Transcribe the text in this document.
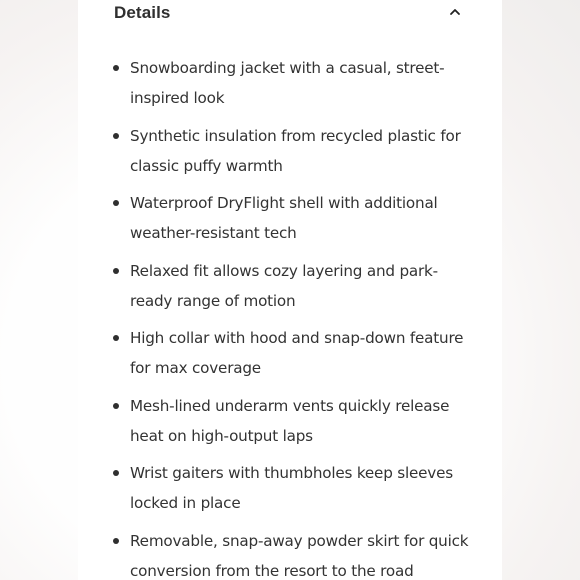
Details
Snowboarding jacket with a casual, street-inspired look
Synthetic insulation from recycled plastic for classic puffy warmth
Waterproof DryFlight shell with additional weather-resistant tech
Relaxed fit allows cozy layering and park-ready range of motion
High collar with hood and snap-down feature for max coverage
Mesh-lined underarm vents quickly release heat on high-output laps
Wrist gaiters with thumbholes keep sleeves locked in place
Removable, snap-away powder skirt for quick conversion from the resort to the road
